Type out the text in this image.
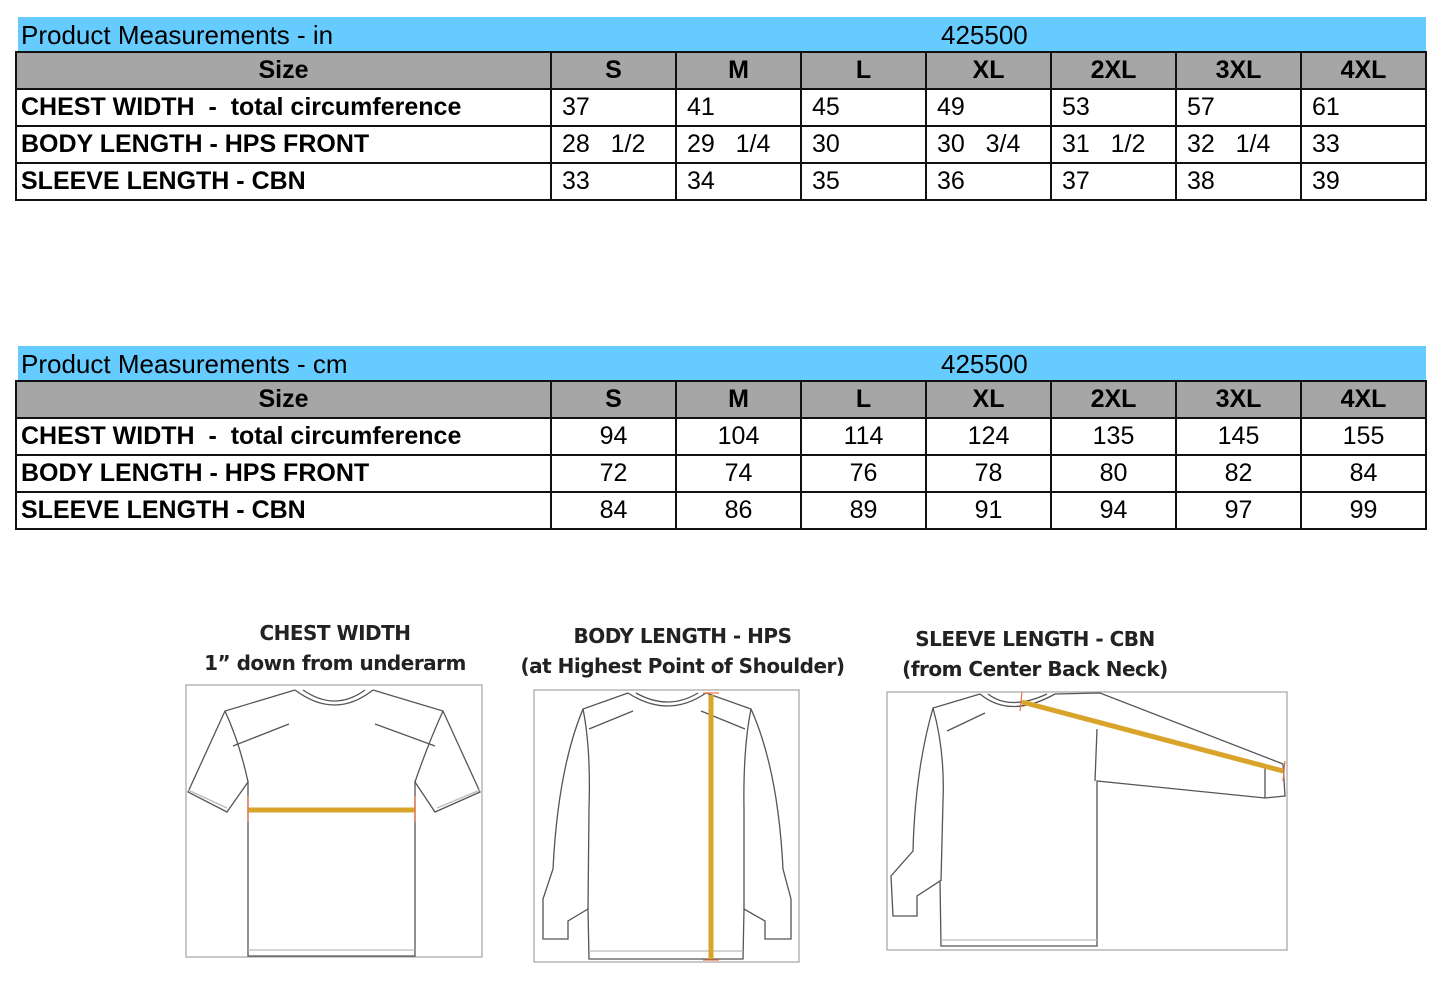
Product Measurements - in	425500
Size	S	M	L	XL	2XL	3XL	4XL
CHEST WIDTH  -  total circumference	37	41	45	49	53	57	61
BODY LENGTH - HPS FRONT	28   1/2	29   1/4	30	30   3/4	31   1/2	32   1/4	33
SLEEVE LENGTH - CBN	33	34	35	36	37	38	39
Product Measurements - cm	425500
Size	S	M	L	XL	2XL	3XL	4XL
CHEST WIDTH  -  total circumference	94	104	114	124	135	145	155
BODY LENGTH - HPS FRONT	72	74	76	78	80	82	84
SLEEVE LENGTH - CBN	84	86	89	91	94	97	99
CHEST WIDTH
1” down from underarm
BODY LENGTH - HPS
(at Highest Point of Shoulder)
SLEEVE LENGTH - CBN
(from Center Back Neck)
